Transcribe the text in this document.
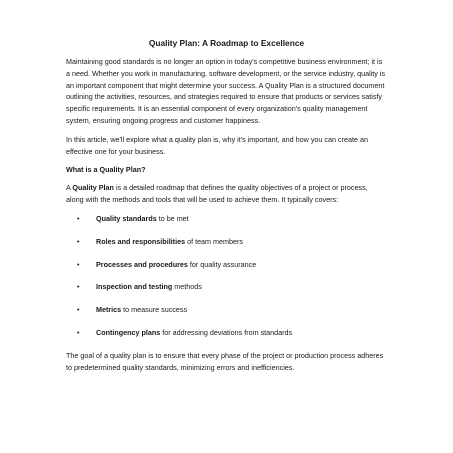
Quality Plan: A Roadmap to Excellence

Maintaining good standards is no longer an option in today's competitive business environment; it is a need. Whether you work in manufacturing, software development, or the service industry, quality is an important component that might determine your success. A Quality Plan is a structured document outlining the activities, resources, and strategies required to ensure that products or services satisfy specific requirements. It is an essential component of every organization's quality management system, ensuring ongoing progress and customer happiness.

In this article, we'll explore what a quality plan is, why it's important, and how you can create an effective one for your business.

What is a Quality Plan?

A Quality Plan is a detailed roadmap that defines the quality objectives of a project or process, along with the methods and tools that will be used to achieve them. It typically covers:

• Quality standards to be met
• Roles and responsibilities of team members
• Processes and procedures for quality assurance
• Inspection and testing methods
• Metrics to measure success
• Contingency plans for addressing deviations from standards

The goal of a quality plan is to ensure that every phase of the project or production process adheres to predetermined quality standards, minimizing errors and inefficiencies.
